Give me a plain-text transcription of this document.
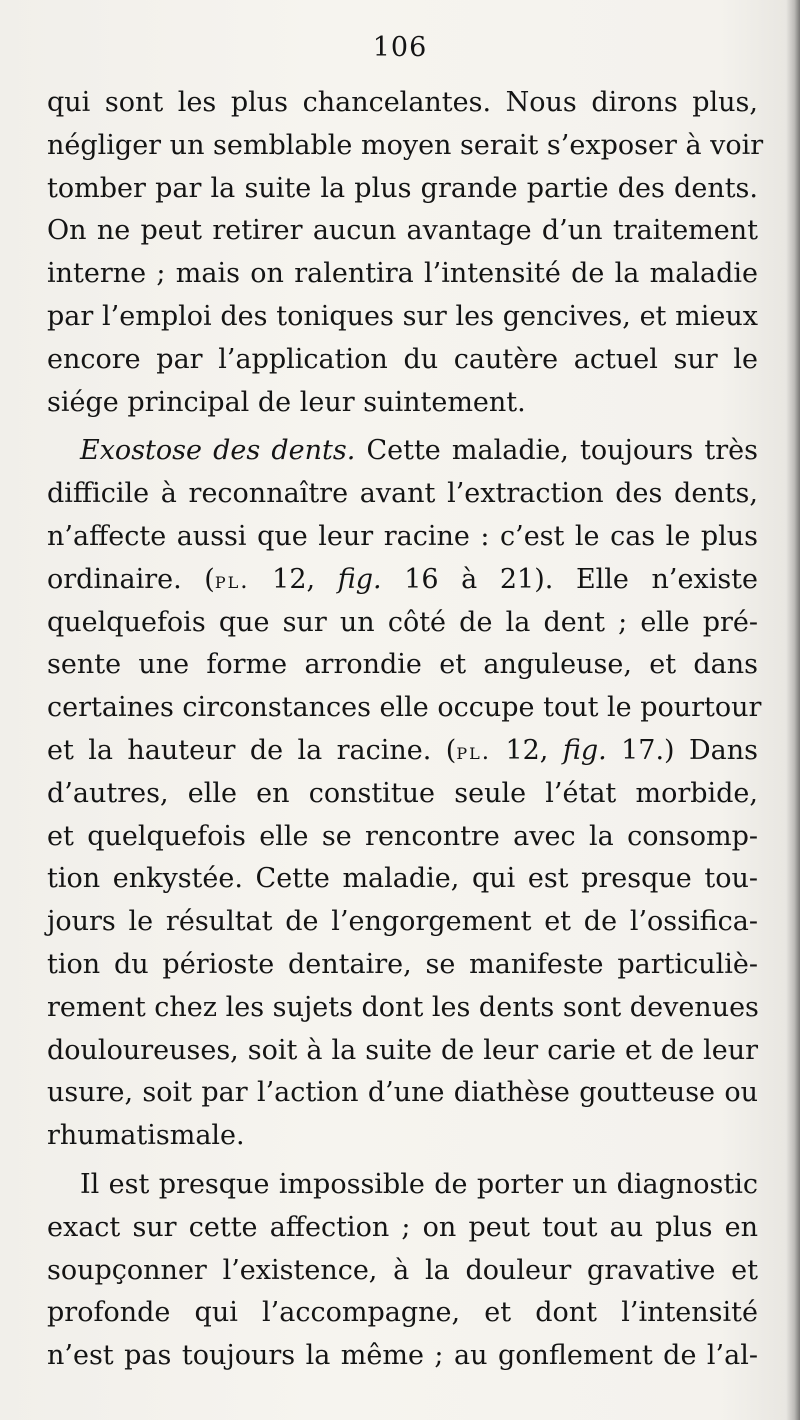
106
qui sont les plus chancelantes. Nous dirons plus,
négliger un semblable moyen serait s’exposer à voir
tomber par la suite la plus grande partie des dents.
On ne peut retirer aucun avantage d’un traitement
interne ; mais on ralentira l’intensité de la maladie
par l’emploi des toniques sur les gencives, et mieux
encore par l’application du cautère actuel sur le
siége principal de leur suintement.
Exostose des dents. Cette maladie, toujours très
difficile à reconnaître avant l’extraction des dents,
n’affecte aussi que leur racine : c’est le cas le plus
ordinaire. (pl. 12, fig. 16 à 21). Elle n’existe
quelquefois que sur un côté de la dent ; elle pré-
sente une forme arrondie et anguleuse, et dans
certaines circonstances elle occupe tout le pourtour
et la hauteur de la racine. (pl. 12, fig. 17.) Dans
d’autres, elle en constitue seule l’état morbide,
et quelquefois elle se rencontre avec la consomp-
tion enkystée. Cette maladie, qui est presque tou-
jours le résultat de l’engorgement et de l’ossifica-
tion du périoste dentaire, se manifeste particuliè-
rement chez les sujets dont les dents sont devenues
douloureuses, soit à la suite de leur carie et de leur
usure, soit par l’action d’une diathèse goutteuse ou
rhumatismale.
Il est presque impossible de porter un diagnostic
exact sur cette affection ; on peut tout au plus en
soupçonner l’existence, à la douleur gravative et
profonde qui l’accompagne, et dont l’intensité
n’est pas toujours la même ; au gonflement de l’al-
